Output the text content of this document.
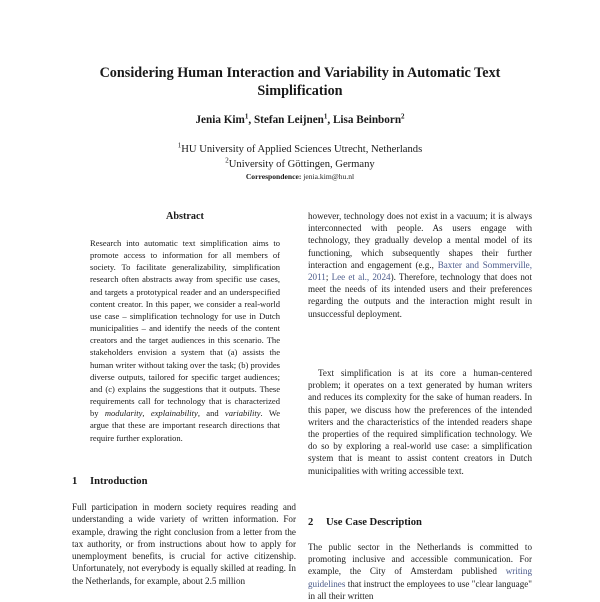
Considering Human Interaction and Variability in Automatic Text
Simplification
Jenia Kim$^1$, Stefan Leijnen$^1$, Lisa Beinborn$^2$
$^1$HU University of Applied Sciences Utrecht, Netherlands
$^2$University of Göttingen, Germany
Correspondence: jenia.kim@hu.nl
Abstract
Research into automatic text simplification aims to promote access to information for all members of society. To facilitate generalizability, simplification research often abstracts away from specific use cases, and targets a prototypical reader and an underspecified content creator. In this paper, we consider a real-world use case – simplification technology for use in Dutch municipalities – and identify the needs of the content creators and the target audiences in this scenario. The stakeholders envision a system that (a) assists the human writer without taking over the task; (b) provides diverse outputs, tailored for specific target audiences; and (c) explains the suggestions that it outputs. These requirements call for technology that is characterized by modularity, explainability, and variability. We argue that these are important research directions that require further exploration.
1 Introduction
Full participation in modern society requires reading and understanding a wide variety of written information. For example, drawing the right conclusion from a letter from the tax authority, or from instructions about how to apply for unemployment benefits, is crucial for active citizenship. Unfortunately, not everybody is equally skilled at reading. In the Netherlands, for example, about 2.5 million
however, technology does not exist in a vacuum; it is always interconnected with people. As users engage with technology, they gradually develop a mental model of its functioning, which subsequently shapes their further interaction and engagement (e.g., Baxter and Sommerville, 2011; Lee et al., 2024). Therefore, technology that does not meet the needs of its intended users and their preferences regarding the outputs and the interaction might result in unsuccessful deployment.
Text simplification is at its core a human-centered problem; it operates on a text generated by human writers and reduces its complexity for the sake of human readers. In this paper, we discuss how the preferences of the intended writers and the characteristics of the intended readers shape the properties of the required simplification technology. We do so by exploring a real-world use case: a simplification system that is meant to assist content creators in Dutch municipalities with writing accessible text.
2 Use Case Description
The public sector in the Netherlands is committed to promoting inclusive and accessible communication. For example, the City of Amsterdam published writing guidelines that instruct the employees to use "clear language" in all their written
